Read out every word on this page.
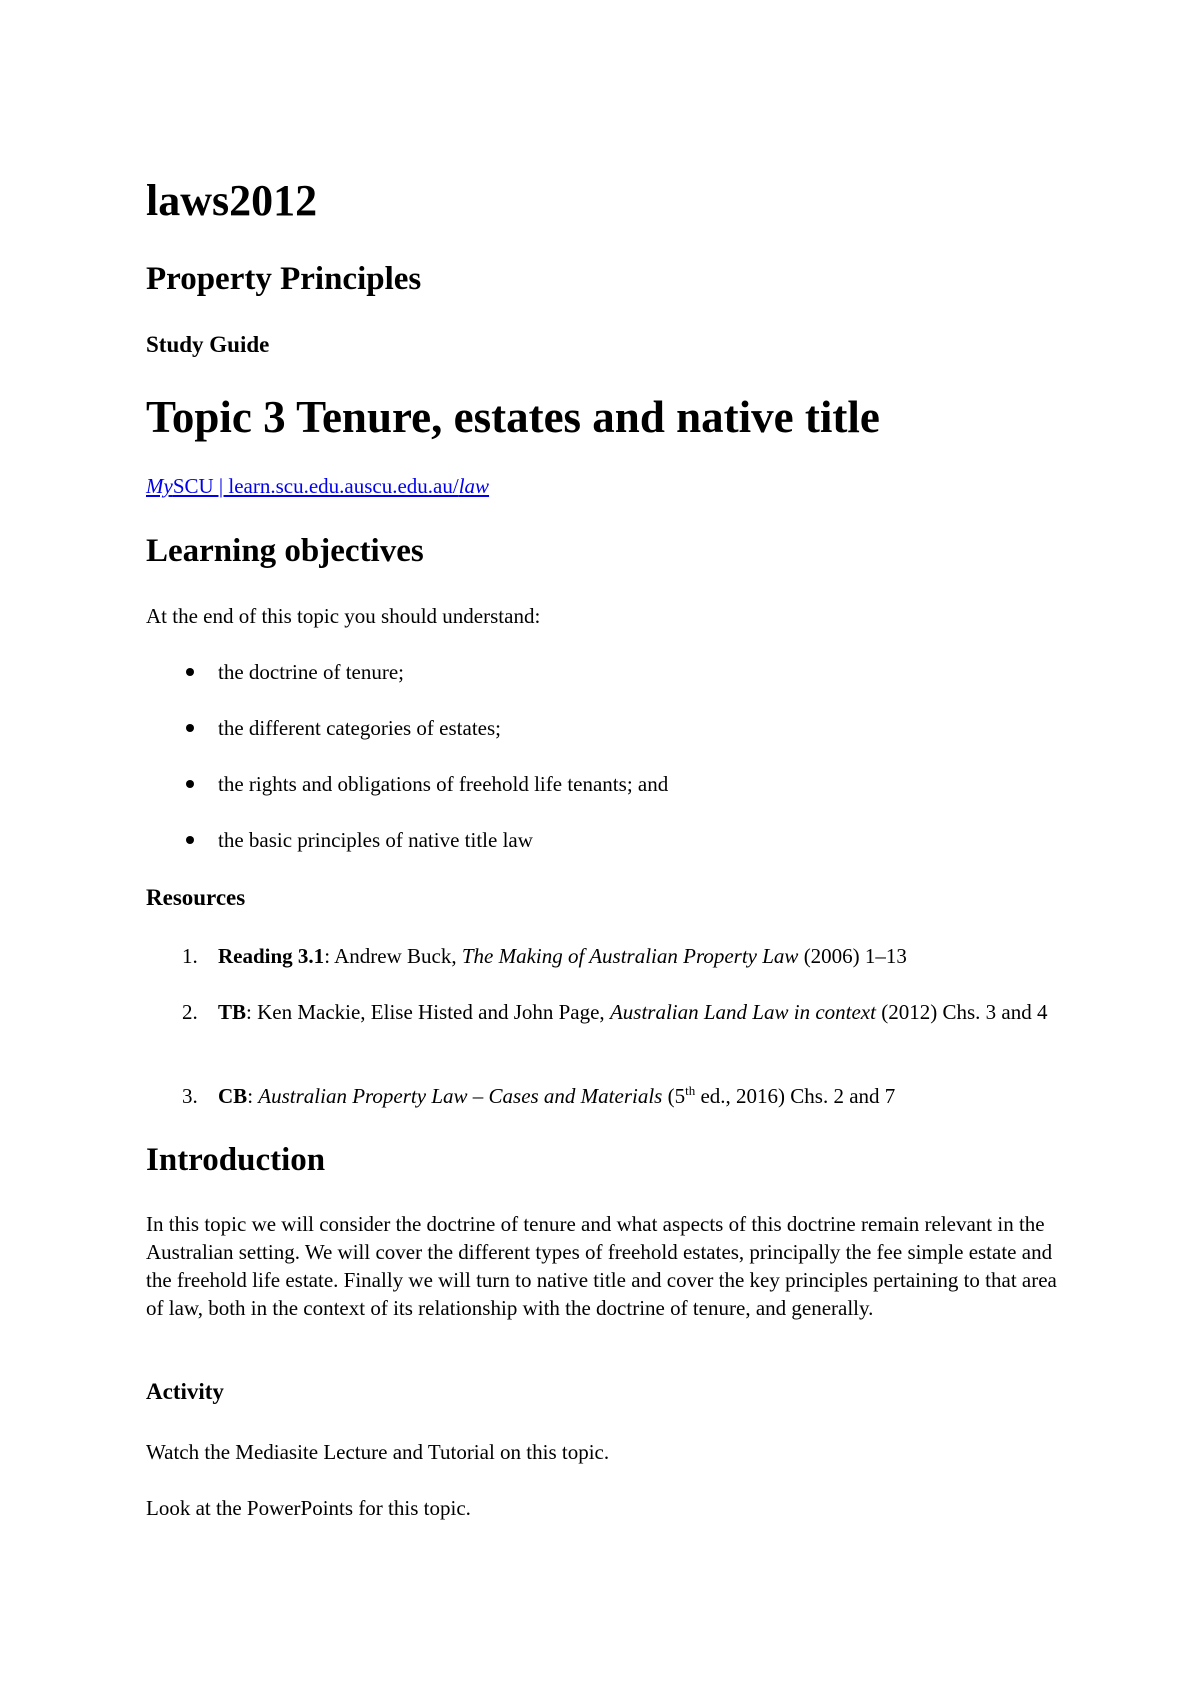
laws2012
Property Principles
Study Guide
Topic 3 Tenure, estates and native title
MySCU | learn.scu.edu.auscu.edu.au/law
Learning objectives
At the end of this topic you should understand:
the doctrine of tenure;
the different categories of estates;
the rights and obligations of freehold life tenants; and
the basic principles of native title law
Resources
1. Reading 3.1: Andrew Buck, The Making of Australian Property Law (2006) 1–13
2. TB: Ken Mackie, Elise Histed and John Page, Australian Land Law in context (2012) Chs. 3 and 4
3. CB: Australian Property Law – Cases and Materials (5th ed., 2016) Chs. 2 and 7
Introduction
In this topic we will consider the doctrine of tenure and what aspects of this doctrine remain relevant in the Australian setting. We will cover the different types of freehold estates, principally the fee simple estate and the freehold life estate. Finally we will turn to native title and cover the key principles pertaining to that area of law, both in the context of its relationship with the doctrine of tenure, and generally.
Activity
Watch the Mediasite Lecture and Tutorial on this topic.
Look at the PowerPoints for this topic.
